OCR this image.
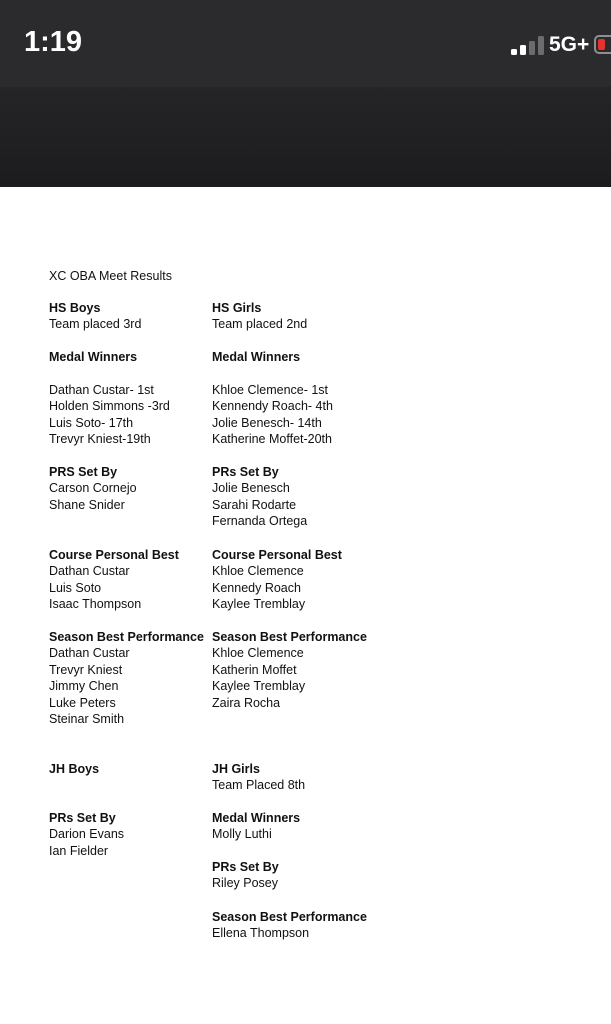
1:19	5G+
XC OBA Meet Results
HS Boys
Team placed 3rd
Medal Winners
Dathan Custar- 1st
Holden Simmons -3rd
Luis Soto- 17th
Trevyr Kniest-19th
PRS Set By
Carson Cornejo
Shane Snider
Course Personal Best
Dathan Custar
Luis Soto
Isaac Thompson
Season Best Performance
Dathan Custar
Trevyr Kniest
Jimmy Chen
Luke Peters
Steinar Smith
HS Girls
Team placed 2nd
Medal Winners
Khloe Clemence- 1st
Kennendy Roach- 4th
Jolie Benesch- 14th
Katherine Moffet-20th
PRs Set By
Jolie Benesch
Sarahi Rodarte
Fernanda Ortega
Course Personal Best
Khloe Clemence
Kennedy Roach
Kaylee Tremblay
Season Best Performance
Khloe Clemence
Katherin Moffet
Kaylee Tremblay
Zaira Rocha
JH Boys
PRs Set By
Darion Evans
Ian Fielder
JH Girls
Team Placed 8th
Medal Winners
Molly Luthi
PRs Set By
Riley Posey
Season Best Performance
Ellena Thompson
